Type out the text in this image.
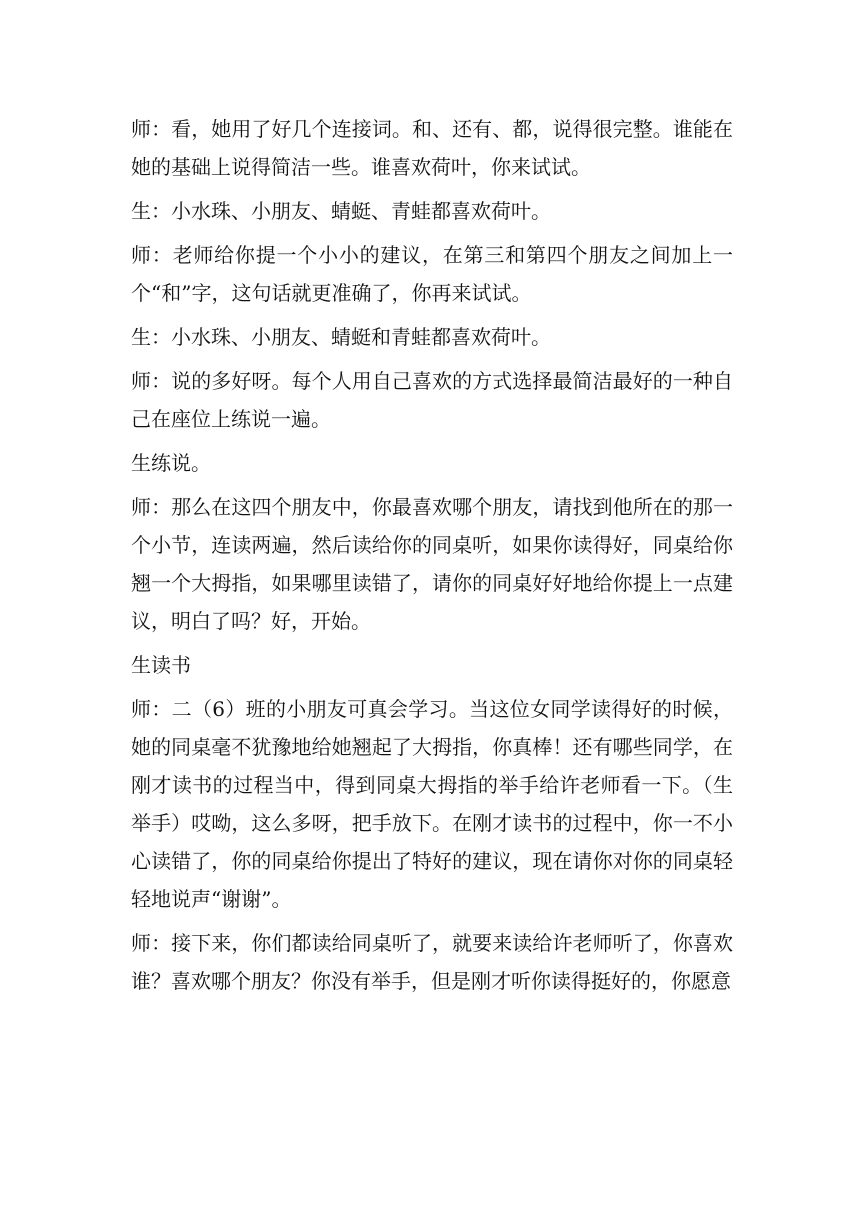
师：看，她用了好几个连接词。和、还有、都，说得很完整。谁能在她的基础上说得简洁一些。谁喜欢荷叶，你来试试。

生：小水珠、小朋友、蜻蜓、青蛙都喜欢荷叶。

师：老师给你提一个小小的建议，在第三和第四个朋友之间加上一个“和”字，这句话就更准确了，你再来试试。

生：小水珠、小朋友、蜻蜓和青蛙都喜欢荷叶。

师：说的多好呀。每个人用自己喜欢的方式选择最简洁最好的一种自己在座位上练说一遍。

生练说。

师：那么在这四个朋友中，你最喜欢哪个朋友，请找到他所在的那一个小节，连读两遍，然后读给你的同桌听，如果你读得好，同桌给你翘一个大拇指，如果哪里读错了，请你的同桌好好地给你提上一点建议，明白了吗？好，开始。

生读书

师：二（6）班的小朋友可真会学习。当这位女同学读得好的时候，她的同桌毫不犹豫地给她翘起了大拇指，你真棒！还有哪些同学，在刚才读书的过程当中，得到同桌大拇指的举手给许老师看一下。（生举手）哎呦，这么多呀，把手放下。在刚才读书的过程中，你一不小心读错了，你的同桌给你提出了特好的建议，现在请你对你的同桌轻轻地说声“谢谢”。

师：接下来，你们都读给同桌听了，就要来读给许老师听了，你喜欢谁？喜欢哪个朋友？你没有举手，但是刚才听你读得挺好的，你愿意
